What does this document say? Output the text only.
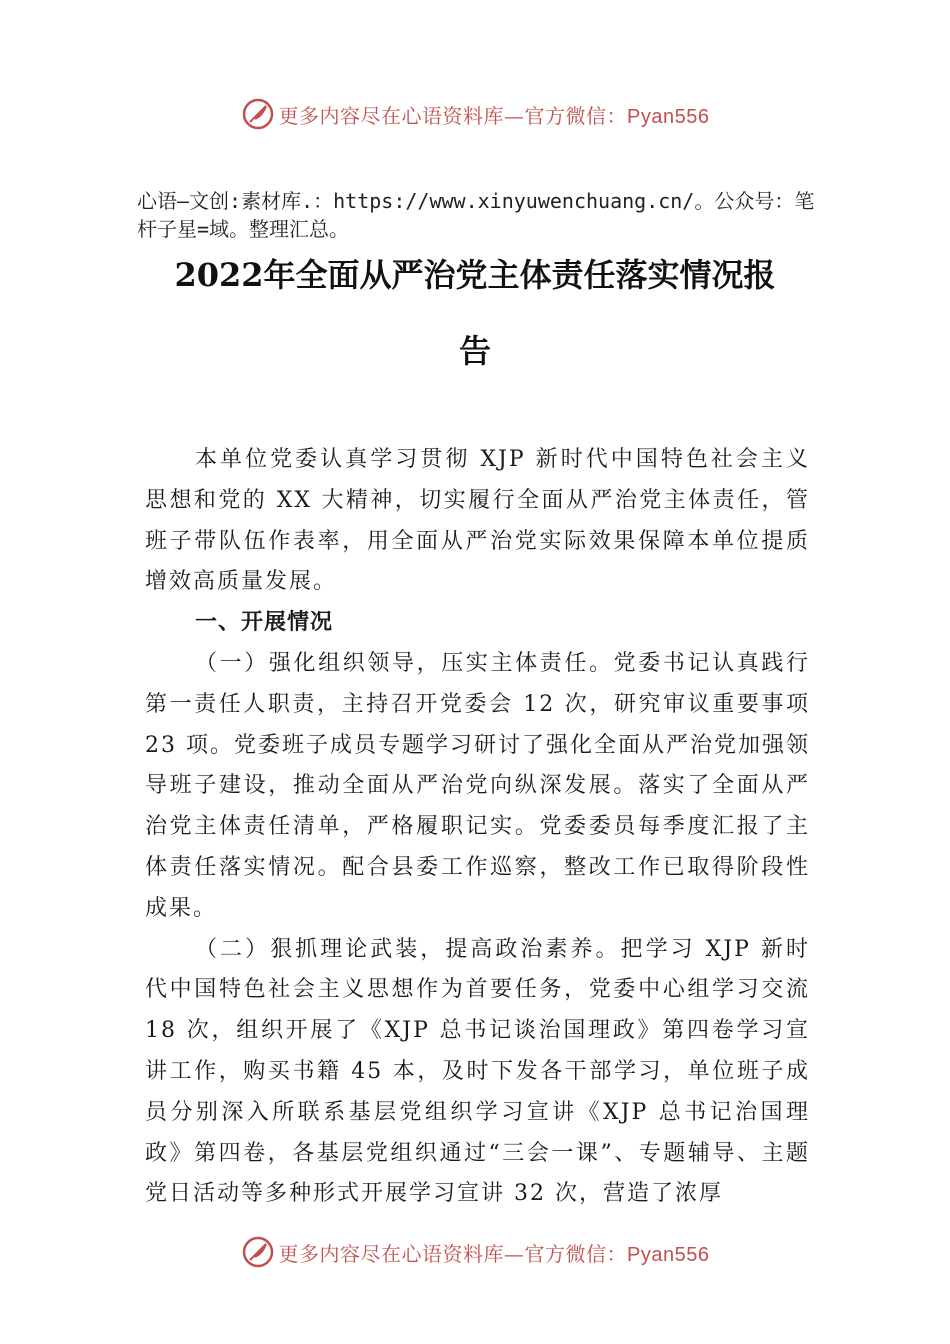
更多内容尽在心语资料库—官方微信：Pyan556
心语—文创:素材库.：https://www.xinyuwenchuang.cn/。公众号：笔杆子星=域。整理汇总。
2022年全面从严治党主体责任落实情况报
告

本单位党委认真学习贯彻 XJP 新时代中国特色社会主义思想和党的 XX 大精神，切实履行全面从严治党主体责任，管班子带队伍作表率，用全面从严治党实际效果保障本单位提质增效高质量发展。

一、开展情况

（一）强化组织领导，压实主体责任。党委书记认真践行第一责任人职责，主持召开党委会 12 次，研究审议重要事项 23 项。党委班子成员专题学习研讨了强化全面从严治党加强领导班子建设，推动全面从严治党向纵深发展。落实了全面从严治党主体责任清单，严格履职记实。党委委员每季度汇报了主体责任落实情况。配合县委工作巡察，整改工作已取得阶段性成果。

（二）狠抓理论武装，提高政治素养。把学习 XJP 新时代中国特色社会主义思想作为首要任务，党委中心组学习交流 18 次，组织开展了《XJP 总书记谈治国理政》第四卷学习宣讲工作，购买书籍 45 本，及时下发各干部学习，单位班子成员分别深入所联系基层党组织学习宣讲《XJP 总书记治国理政》第四卷，各基层党组织通过“三会一课”、专题辅导、主题党日活动等多种形式开展学习宣讲 32 次，营造了浓厚

更多内容尽在心语资料库—官方微信：Pyan556
